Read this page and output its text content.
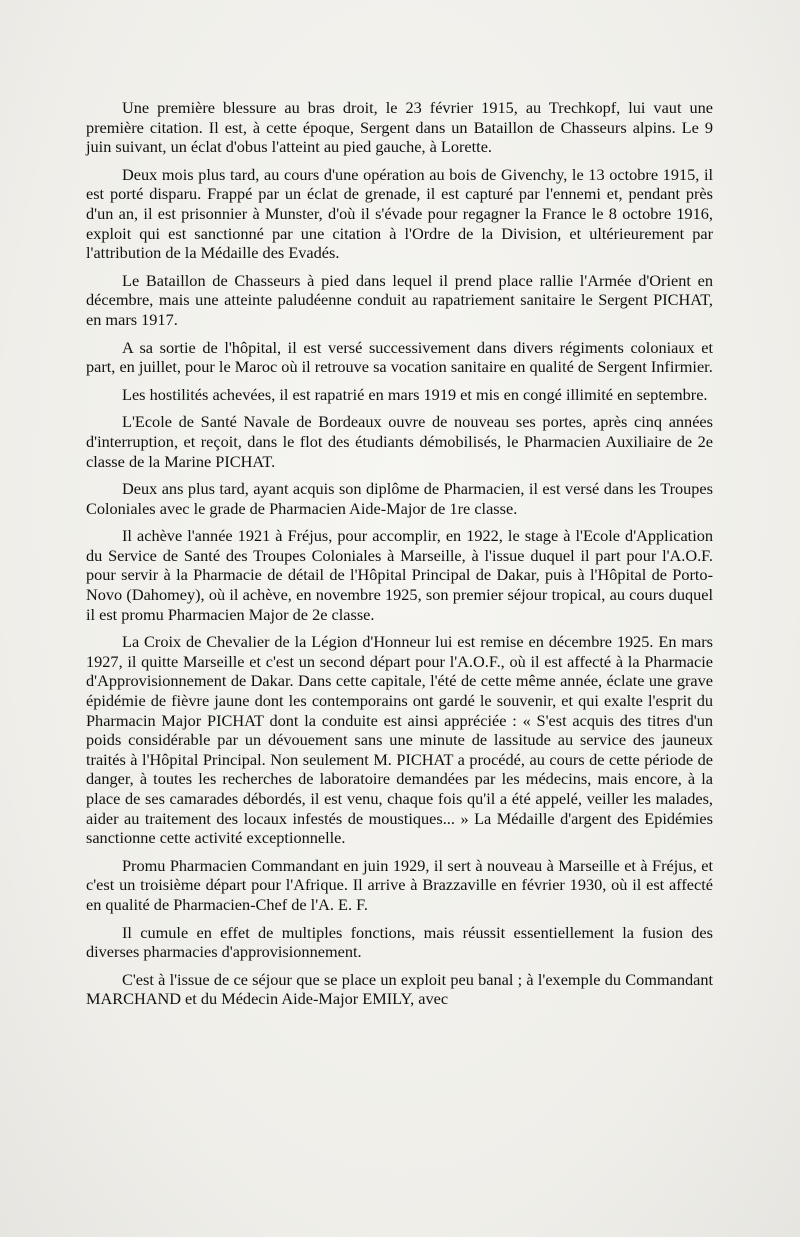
Une première blessure au bras droit, le 23 février 1915, au Trechkopf, lui vaut une première citation. Il est, à cette époque, Sergent dans un Bataillon de Chasseurs alpins. Le 9 juin suivant, un éclat d'obus l'atteint au pied gauche, à Lorette.

Deux mois plus tard, au cours d'une opération au bois de Givenchy, le 13 octobre 1915, il est porté disparu. Frappé par un éclat de grenade, il est capturé par l'ennemi et, pendant près d'un an, il est prisonnier à Munster, d'où il s'évade pour regagner la France le 8 octobre 1916, exploit qui est sanctionné par une citation à l'Ordre de la Division, et ultérieurement par l'attribution de la Médaille des Evadés.

Le Bataillon de Chasseurs à pied dans lequel il prend place rallie l'Armée d'Orient en décembre, mais une atteinte paludéenne conduit au rapatriement sanitaire le Sergent PICHAT, en mars 1917.

A sa sortie de l'hôpital, il est versé successivement dans divers régiments coloniaux et part, en juillet, pour le Maroc où il retrouve sa vocation sanitaire en qualité de Sergent Infirmier.

Les hostilités achevées, il est rapatrié en mars 1919 et mis en congé illimité en septembre.

L'Ecole de Santé Navale de Bordeaux ouvre de nouveau ses portes, après cinq années d'interruption, et reçoit, dans le flot des étudiants démobilisés, le Pharmacien Auxiliaire de 2e classe de la Marine PICHAT.

Deux ans plus tard, ayant acquis son diplôme de Pharmacien, il est versé dans les Troupes Coloniales avec le grade de Pharmacien Aide-Major de 1re classe.

Il achève l'année 1921 à Fréjus, pour accomplir, en 1922, le stage à l'Ecole d'Application du Service de Santé des Troupes Coloniales à Marseille, à l'issue duquel il part pour l'A.O.F. pour servir à la Pharmacie de détail de l'Hôpital Principal de Dakar, puis à l'Hôpital de Porto-Novo (Dahomey), où il achève, en novembre 1925, son premier séjour tropical, au cours duquel il est promu Pharmacien Major de 2e classe.

La Croix de Chevalier de la Légion d'Honneur lui est remise en décembre 1925. En mars 1927, il quitte Marseille et c'est un second départ pour l'A.O.F., où il est affecté à la Pharmacie d'Approvisionnement de Dakar. Dans cette capitale, l'été de cette même année, éclate une grave épidémie de fièvre jaune dont les contemporains ont gardé le souvenir, et qui exalte l'esprit du Pharmacin Major PICHAT dont la conduite est ainsi appréciée : « S'est acquis des titres d'un poids considérable par un dévouement sans une minute de lassitude au service des jauneux traités à l'Hôpital Principal. Non seulement M. PICHAT a procédé, au cours de cette période de danger, à toutes les recherches de laboratoire demandées par les médecins, mais encore, à la place de ses camarades débordés, il est venu, chaque fois qu'il a été appelé, veiller les malades, aider au traitement des locaux infestés de moustiques... » La Médaille d'argent des Epidémies sanctionne cette activité exceptionnelle.

Promu Pharmacien Commandant en juin 1929, il sert à nouveau à Marseille et à Fréjus, et c'est un troisième départ pour l'Afrique. Il arrive à Brazzaville en février 1930, où il est affecté en qualité de Pharmacien-Chef de l'A. E. F.

Il cumule en effet de multiples fonctions, mais réussit essentiellement la fusion des diverses pharmacies d'approvisionnement.

C'est à l'issue de ce séjour que se place un exploit peu banal ; à l'exemple du Commandant MARCHAND et du Médecin Aide-Major EMILY, avec
